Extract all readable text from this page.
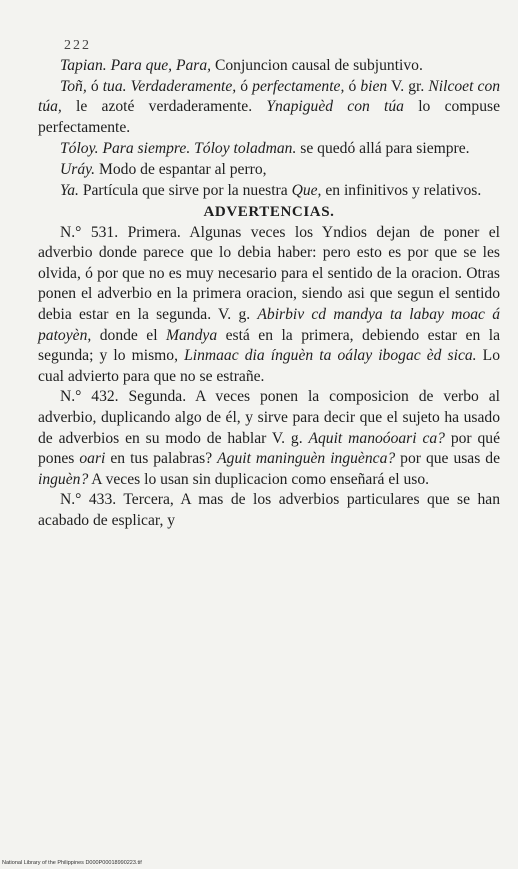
222

Tapian. Para que, Para, Conjuncion causal de subjuntivo.

Toñ, ó tua. Verdaderamente, ó perfectamente, ó bien V. gr. Nilcoet con túa, le azoté verdaderamente. Ynapiguèd con túa lo compuse perfectamente.

Tóloy. Para siempre. Tóloy toladman. se quedó allá para siempre.

Uráy. Modo de espantar al perro,

Ya. Partícula que sirve por la nuestra Que, en infinitivos y relativos.

ADVERTENCIAS.

N.° 531. Primera. Algunas veces los Yndios dejan de poner el adverbio donde parece que lo debia haber: pero esto es por que se les olvida, ó por que no es muy necesario para el sentido de la oracion. Otras ponen el adverbio en la primera oracion, siendo asi que segun el sentido debia estar en la segunda. V. g. Abirbiv cd mandya ta labay moac á patoyèn, donde el Mandya está en la primera, debiendo estar en la segunda; y lo mismo, Linmaac dia ínguèn ta oálay ibogac èd sica. Lo cual advierto para que no se estrañe.

N.° 432. Segunda. A veces ponen la composicion de verbo al adverbio, duplicando algo de él, y sirve para decir que el sujeto ha usado de adverbios en su modo de hablar V. g. Aquit manoóoari ca? por qué pones oari en tus palabras? Aguit maninguèn inguènca? por que usas de inguèn? A veces lo usan sin duplicacion como enseñará el uso.

N.° 433. Tercera, A mas de los adverbios particulares que se han acabado de esplicar, y

National Library of the Philippines D000P00018990223.tif
